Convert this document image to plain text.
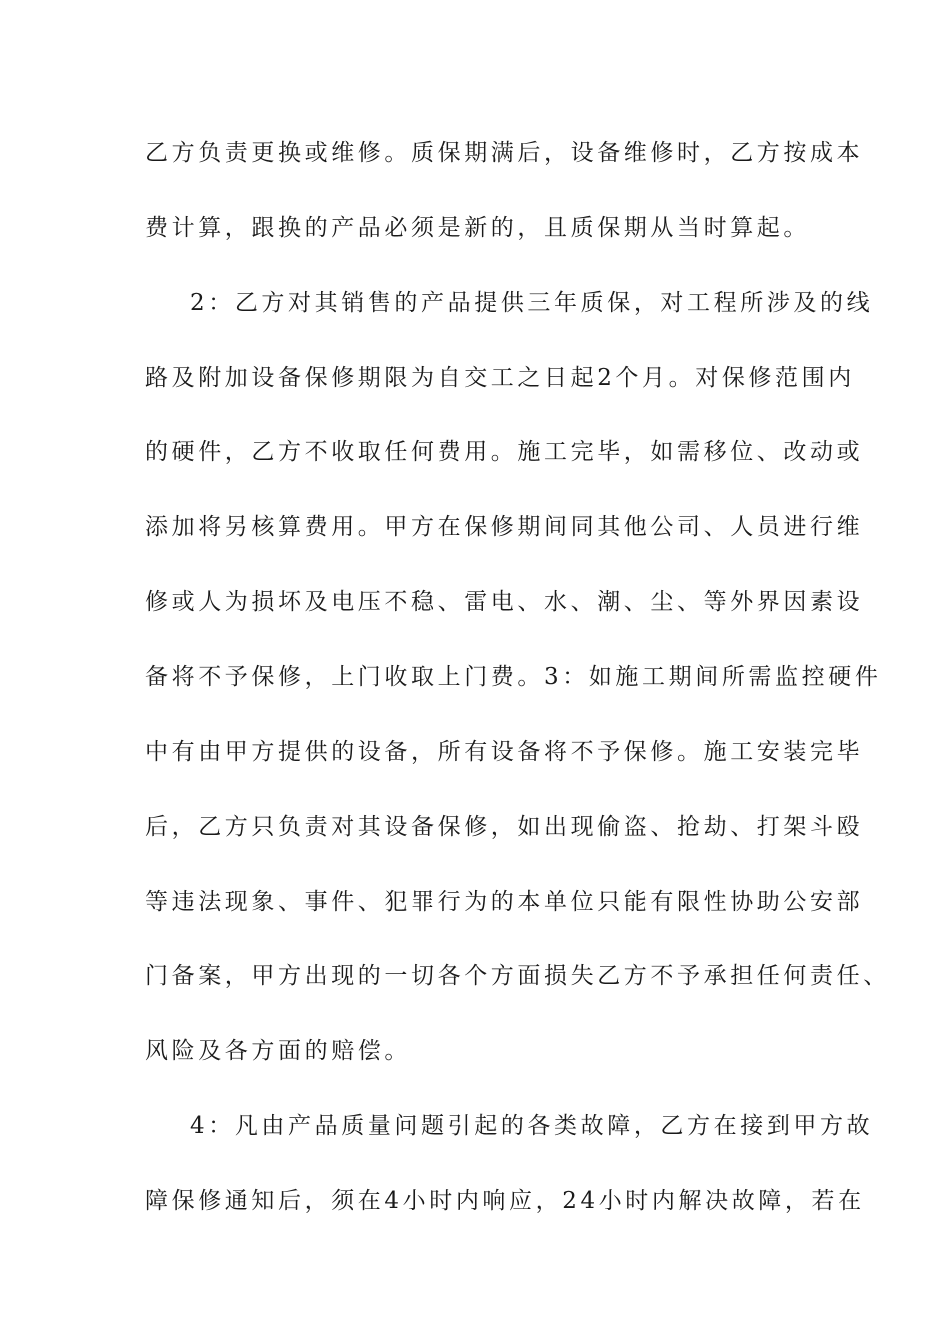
乙方负责更换或维修。质保期满后，设备维修时，乙方按成本
费计算，跟换的产品必须是新的，且质保期从当时算起。
2：乙方对其销售的产品提供三年质保，对工程所涉及的线
路及附加设备保修期限为自交工之日起2个月。对保修范围内
的硬件，乙方不收取任何费用。施工完毕，如需移位、改动或
添加将另核算费用。甲方在保修期间同其他公司、人员进行维
修或人为损坏及电压不稳、雷电、水、潮、尘、等外界因素设
备将不予保修，上门收取上门费。3：如施工期间所需监控硬件
中有由甲方提供的设备，所有设备将不予保修。施工安装完毕
后，乙方只负责对其设备保修，如出现偷盗、抢劫、打架斗殴
等违法现象、事件、犯罪行为的本单位只能有限性协助公安部
门备案，甲方出现的一切各个方面损失乙方不予承担任何责任、
风险及各方面的赔偿。
4：凡由产品质量问题引起的各类故障，乙方在接到甲方故
障保修通知后，须在4小时内响应，24小时内解决故障，若在
